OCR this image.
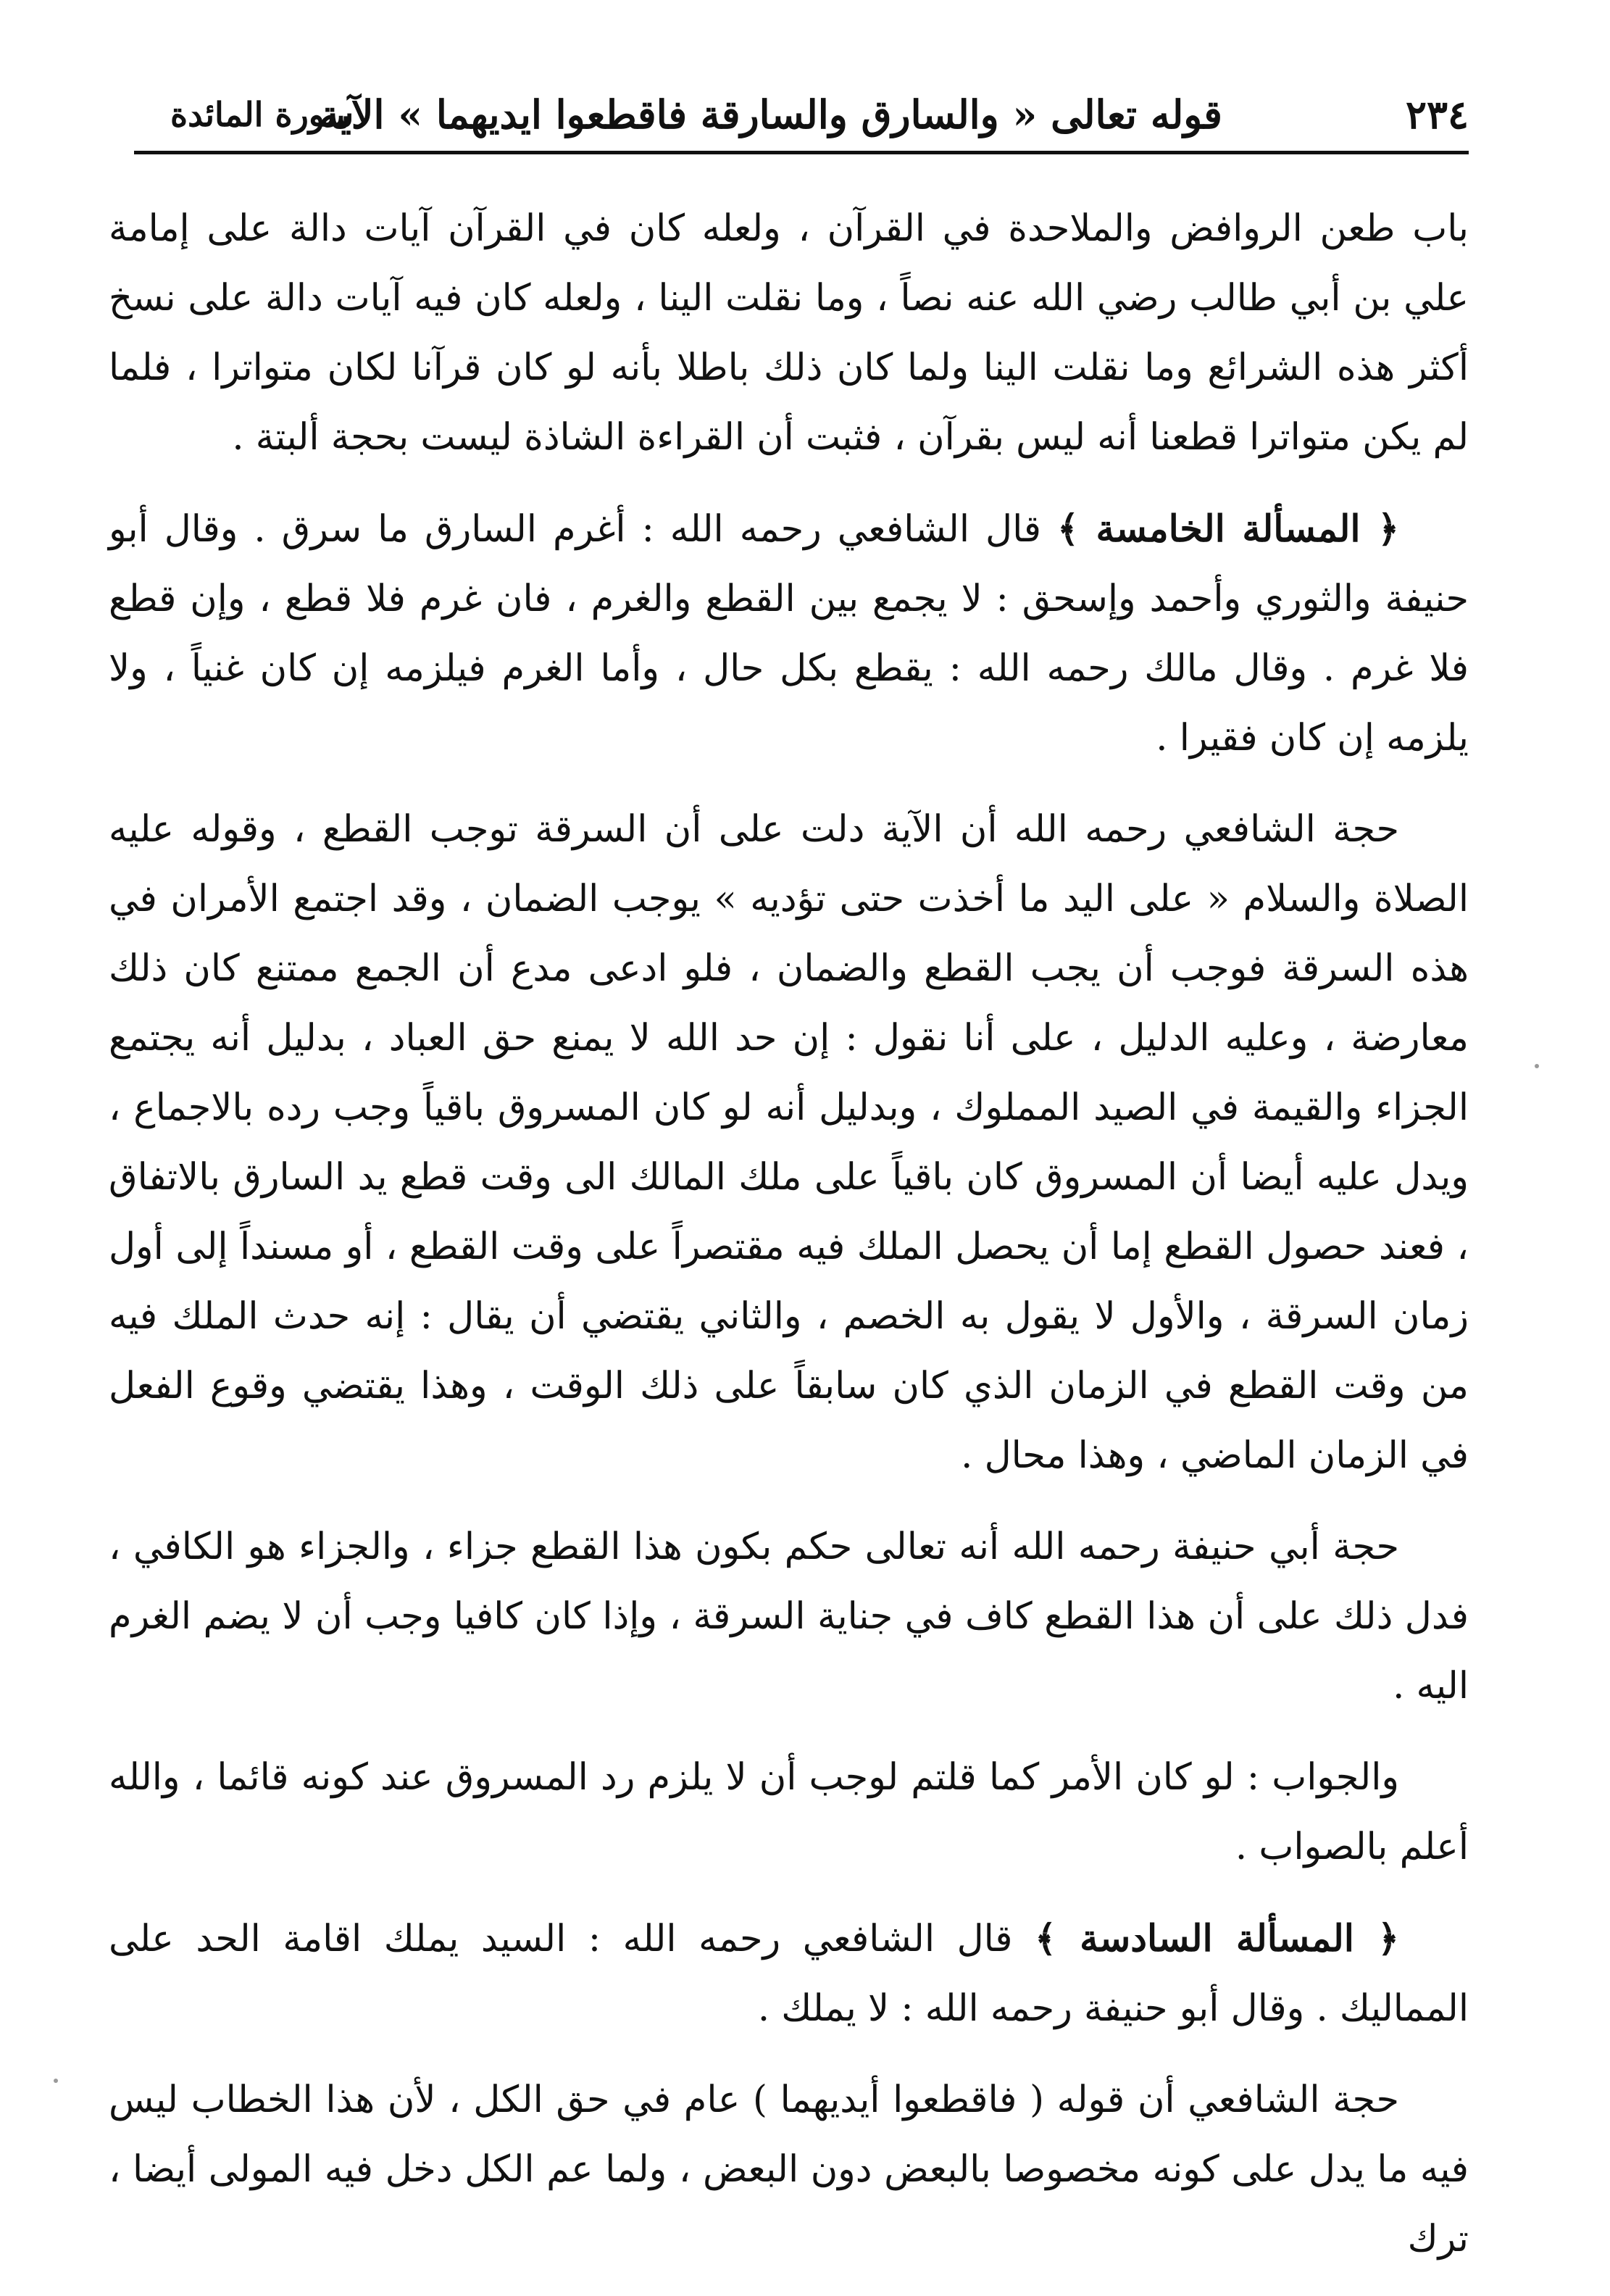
٢٣٤
قوله تعالى « والسارق والسارقة فاقطعوا ايديهما » الآية
سورة المائدة

باب طعن الروافض والملاحدة في القرآن ، ولعله كان في القرآن آيات دالة على إمامة علي بن أبي طالب رضي الله عنه نصاً ، وما نقلت الينا ، ولعله كان فيه آيات دالة على نسخ أكثر هذه الشرائع وما نقلت الينا ولما كان ذلك باطلا بأنه لو كان قرآنا لكان متواترا ، فلما لم يكن متواترا قطعنا أنه ليس بقرآن ، فثبت أن القراءة الشاذة ليست بحجة ألبتة .

﴿ المسألة الخامسة ﴾ قال الشافعي رحمه الله : أغرم السارق ما سرق . وقال أبو حنيفة والثوري وأحمد وإسحق : لا يجمع بين القطع والغرم ، فان غرم فلا قطع ، وإن قطع فلا غرم . وقال مالك رحمه الله : يقطع بكل حال ، وأما الغرم فيلزمه إن كان غنياً ، ولا يلزمه إن كان فقيرا .

حجة الشافعي رحمه الله أن الآية دلت على أن السرقة توجب القطع ، وقوله عليه الصلاة والسلام « على اليد ما أخذت حتى تؤديه » يوجب الضمان ، وقد اجتمع الأمران في هذه السرقة فوجب أن يجب القطع والضمان ، فلو ادعى مدع أن الجمع ممتنع كان ذلك معارضة ، وعليه الدليل ، على أنا نقول : إن حد الله لا يمنع حق العباد ، بدليل أنه يجتمع الجزاء والقيمة في الصيد المملوك ، وبدليل أنه لو كان المسروق باقياً وجب رده بالاجماع ، ويدل عليه أيضا أن المسروق كان باقياً على ملك المالك الى وقت قطع يد السارق بالاتفاق ، فعند حصول القطع إما أن يحصل الملك فيه مقتصراً على وقت القطع ، أو مسنداً إلى أول زمان السرقة ، والأول لا يقول به الخصم ، والثاني يقتضي أن يقال : إنه حدث الملك فيه من وقت القطع في الزمان الذي كان سابقاً على ذلك الوقت ، وهذا يقتضي وقوع الفعل في الزمان الماضي ، وهذا محال .

حجة أبي حنيفة رحمه الله أنه تعالى حكم بكون هذا القطع جزاء ، والجزاء هو الكافي ، فدل ذلك على أن هذا القطع كاف في جناية السرقة ، وإذا كان كافيا وجب أن لا يضم الغرم اليه .

والجواب : لو كان الأمر كما قلتم لوجب أن لا يلزم رد المسروق عند كونه قائما ، والله أعلم بالصواب .

﴿ المسألة السادسة ﴾ قال الشافعي رحمه الله : السيد يملك اقامة الحد على المماليك . وقال أبو حنيفة رحمه الله : لا يملك .

حجة الشافعي أن قوله ( فاقطعوا أيديهما ) عام في حق الكل ، لأن هذا الخطاب ليس فيه ما يدل على كونه مخصوصا بالبعض دون البعض ، ولما عم الكل دخل فيه المولى أيضا ، ترك
